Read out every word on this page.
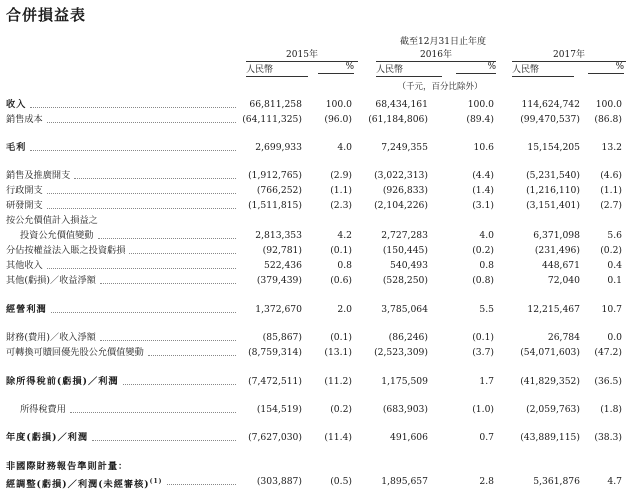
合併損益表
截至12月31日止年度
2015年	2016年	2017年
人民幣	% 人民幣	% 人民幣	%
（千元，百分比除外）
收入	66,811,258	100.0	68,434,161	100.0	114,624,742	100.0
銷售成本	(64,111,325)	(96.0)	(61,184,806)	(89.4)	(99,470,537)	(86.8)
毛利	2,699,933	4.0	7,249,355	10.6	15,154,205	13.2
銷售及推廣開支	(1,912,765)	(2.9)	(3,022,313)	(4.4)	(5,231,540)	(4.6)
行政開支	(766,252)	(1.1)	(926,833)	(1.4)	(1,216,110)	(1.1)
研發開支	(1,511,815)	(2.3)	(2,104,226)	(3.1)	(3,151,401)	(2.7)
按公允價值計入損益之
投資公允價值變動	2,813,353	4.2	2,727,283	4.0	6,371,098	5.6
分佔按權益法入賬之投資虧損	(92,781)	(0.1)	(150,445)	(0.2)	(231,496)	(0.2)
其他收入	522,436	0.8	540,493	0.8	448,671	0.4
其他(虧損)／收益淨額	(379,439)	(0.6)	(528,250)	(0.8)	72,040	0.1
經營利潤	1,372,670	2.0	3,785,064	5.5	12,215,467	10.7
財務(費用)／收入淨額	(85,867)	(0.1)	(86,246)	(0.1)	26,784	0.0
可轉換可贖回優先股公允價值變動	(8,759,314)	(13.1)	(2,523,309)	(3.7)	(54,071,603)	(47.2)
除所得稅前(虧損)／利潤	(7,472,511)	(11.2)	1,175,509	1.7	(41,829,352)	(36.5)
所得稅費用	(154,519)	(0.2)	(683,903)	(1.0)	(2,059,763)	(1.8)
年度(虧損)／利潤	(7,627,030)	(11.4)	491,606	0.7	(43,889,115)	(38.3)
非國際財務報告準則計量：
經調整(虧損)／利潤(未經審核)$^{(1)}$	(303,887)	(0.5)	1,895,657	2.8	5,361,876	4.7
